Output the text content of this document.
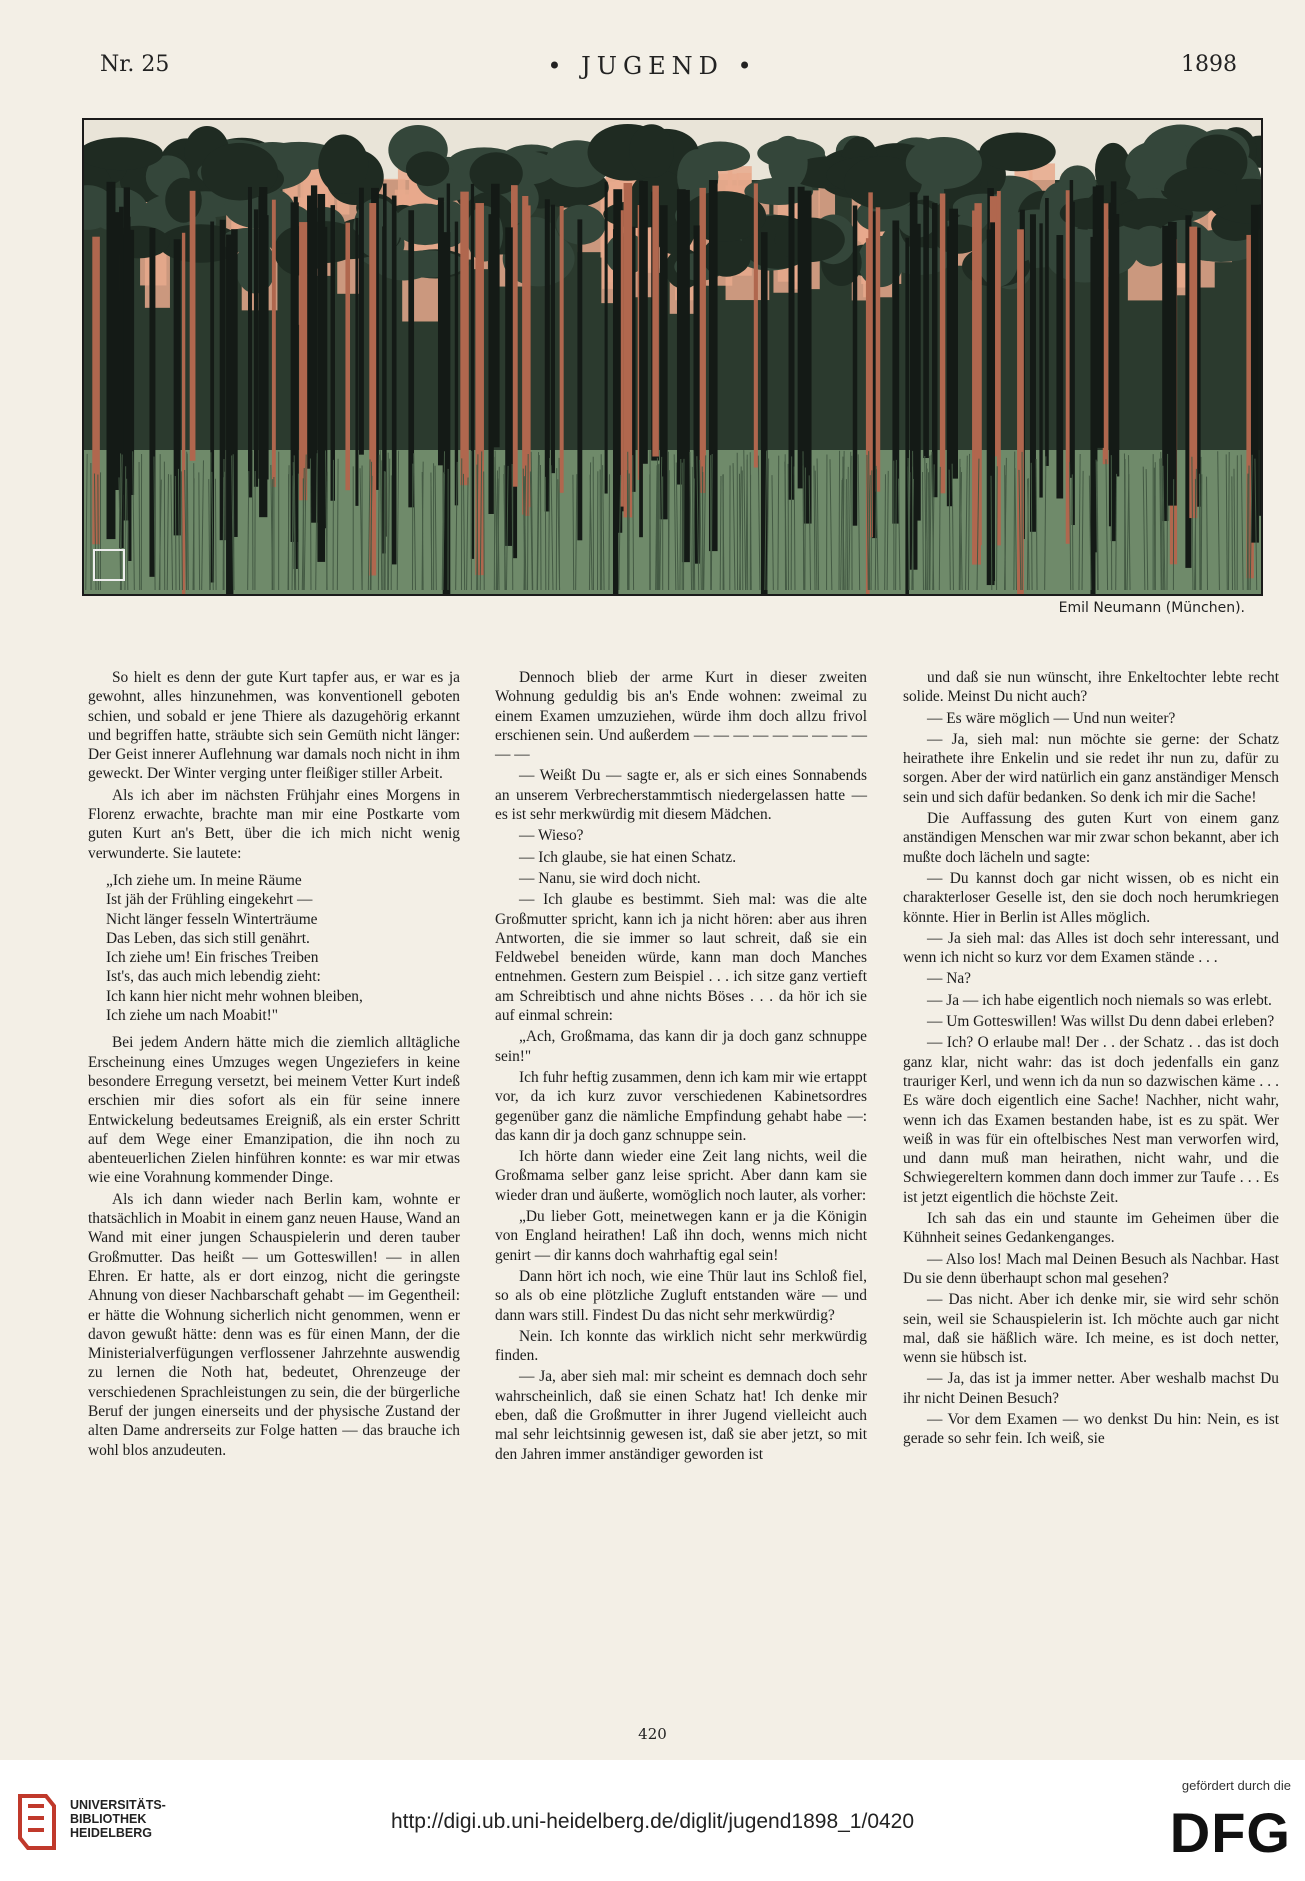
Nr. 25	• JUGEND •	1898
Emil Neumann (München).

So hielt es denn der gute Kurt tapfer aus, er war es ja gewohnt, alles hinzunehmen, was konventionell geboten schien, und sobald er jene Thiere als dazugehörig erkannt und begriffen hatte, sträubte sich sein Gemüth nicht länger: Der Geist innerer Auflehnung war damals noch nicht in ihm geweckt. Der Winter verging unter fleißiger stiller Arbeit.

Als ich aber im nächsten Frühjahr eines Morgens in Florenz erwachte, brachte man mir eine Postkarte vom guten Kurt an's Bett, über die ich mich nicht wenig verwunderte. Sie lautete:

„Ich ziehe um. In meine Räume
Ist jäh der Frühling eingekehrt —
Nicht länger fesseln Winterträume
Das Leben, das sich still genährt.
Ich ziehe um! Ein frisches Treiben
Ist's, das auch mich lebendig zieht:
Ich kann hier nicht mehr wohnen bleiben,
Ich ziehe um nach Moabit!"

Bei jedem Andern hätte mich die ziemlich alltägliche Erscheinung eines Umzuges wegen Ungeziefers in keine besondere Erregung versetzt, bei meinem Vetter Kurt indeß erschien mir dies sofort als ein für seine innere Entwickelung bedeutsames Ereigniß, als ein erster Schritt auf dem Wege einer Emanzipation, die ihn noch zu abenteuerlichen Zielen hinführen konnte: es war mir etwas wie eine Vorahnung kommender Dinge.

Als ich dann wieder nach Berlin kam, wohnte er thatsächlich in Moabit in einem ganz neuen Hause, Wand an Wand mit einer jungen Schauspielerin und deren tauber Großmutter. Das heißt — um Gotteswillen! — in allen Ehren. Er hatte, als er dort einzog, nicht die geringste Ahnung von dieser Nachbarschaft gehabt — im Gegentheil: er hätte die Wohnung sicherlich nicht genommen, wenn er davon gewußt hätte: denn was es für einen Mann, der die Ministerialverfügungen verflossener Jahrzehnte auswendig zu lernen die Noth hat, bedeutet, Ohrenzeuge der verschiedenen Sprachleistungen zu sein, die der bürgerliche Beruf der jungen einerseits und der physische Zustand der alten Dame andrerseits zur Folge hatten — das brauche ich wohl blos anzudeuten.

Dennoch blieb der arme Kurt in dieser zweiten Wohnung geduldig bis an's Ende wohnen: zweimal zu einem Examen umzuziehen, würde ihm doch allzu frivol erschienen sein. Und außerdem — — — — — — — — — — —

— Weißt Du — sagte er, als er sich eines Sonnabends an unserem Verbrecherstammtisch niedergelassen hatte — es ist sehr merkwürdig mit diesem Mädchen.

— Wieso?

— Ich glaube, sie hat einen Schatz.

— Nanu, sie wird doch nicht.

— Ich glaube es bestimmt. Sieh mal: was die alte Großmutter spricht, kann ich ja nicht hören: aber aus ihren Antworten, die sie immer so laut schreit, daß sie ein Feldwebel beneiden würde, kann man doch Manches entnehmen. Gestern zum Beispiel . . . ich sitze ganz vertieft am Schreibtisch und ahne nichts Böses . . . da hör ich sie auf einmal schrein:

„Ach, Großmama, das kann dir ja doch ganz schnuppe sein!"

Ich fuhr heftig zusammen, denn ich kam mir wie ertappt vor, da ich kurz zuvor verschiedenen Kabinetsordres gegenüber ganz die nämliche Empfindung gehabt habe —: das kann dir ja doch ganz schnuppe sein.

Ich hörte dann wieder eine Zeit lang nichts, weil die Großmama selber ganz leise spricht. Aber dann kam sie wieder dran und äußerte, womöglich noch lauter, als vorher:

„Du lieber Gott, meinetwegen kann er ja die Königin von England heirathen! Laß ihn doch, wenns mich nicht genirt — dir kanns doch wahrhaftig egal sein!

Dann hört ich noch, wie eine Thür laut ins Schloß fiel, so als ob eine plötzliche Zugluft entstanden wäre — und dann wars still. Findest Du das nicht sehr merkwürdig?

Nein. Ich konnte das wirklich nicht sehr merkwürdig finden.

— Ja, aber sieh mal: mir scheint es demnach doch sehr wahrscheinlich, daß sie einen Schatz hat! Ich denke mir eben, daß die Großmutter in ihrer Jugend vielleicht auch mal sehr leichtsinnig gewesen ist, daß sie aber jetzt, so mit den Jahren immer anständiger geworden ist

und daß sie nun wünscht, ihre Enkeltochter lebte recht solide. Meinst Du nicht auch?

— Es wäre möglich — Und nun weiter?

— Ja, sieh mal: nun möchte sie gerne: der Schatz heirathete ihre Enkelin und sie redet ihr nun zu, dafür zu sorgen. Aber der wird natürlich ein ganz anständiger Mensch sein und sich dafür bedanken. So denk ich mir die Sache!

Die Auffassung des guten Kurt von einem ganz anständigen Menschen war mir zwar schon bekannt, aber ich mußte doch lächeln und sagte:

— Du kannst doch gar nicht wissen, ob es nicht ein charakterloser Geselle ist, den sie doch noch herumkriegen könnte. Hier in Berlin ist Alles möglich.

— Ja sieh mal: das Alles ist doch sehr interessant, und wenn ich nicht so kurz vor dem Examen stände . . .

— Na?

— Ja — ich habe eigentlich noch niemals so was erlebt.

— Um Gotteswillen! Was willst Du denn dabei erleben?

— Ich? O erlaube mal! Der . . der Schatz . . das ist doch ganz klar, nicht wahr: das ist doch jedenfalls ein ganz trauriger Kerl, und wenn ich da nun so dazwischen käme . . . Es wäre doch eigentlich eine Sache! Nachher, nicht wahr, wenn ich das Examen bestanden habe, ist es zu spät. Wer weiß in was für ein oftelbisches Nest man verworfen wird, und dann muß man heirathen, nicht wahr, und die Schwiegereltern kommen dann doch immer zur Taufe . . . Es ist jetzt eigentlich die höchste Zeit.

Ich sah das ein und staunte im Geheimen über die Kühnheit seines Gedankenganges.

— Also los! Mach mal Deinen Besuch als Nachbar. Hast Du sie denn überhaupt schon mal gesehen?

— Das nicht. Aber ich denke mir, sie wird sehr schön sein, weil sie Schauspielerin ist. Ich möchte auch gar nicht mal, daß sie häßlich wäre. Ich meine, es ist doch netter, wenn sie hübsch ist.

— Ja, das ist ja immer netter. Aber weshalb machst Du ihr nicht Deinen Besuch?

— Vor dem Examen — wo denkst Du hin: Nein, es ist gerade so sehr fein. Ich weiß, sie

420
UNIVERSITÄTS-
BIBLIOTHEK
HEIDELBERG	http://digi.ub.uni-heidelberg.de/diglit/jugend1898_1/0420
gefördert durch die
DFG
